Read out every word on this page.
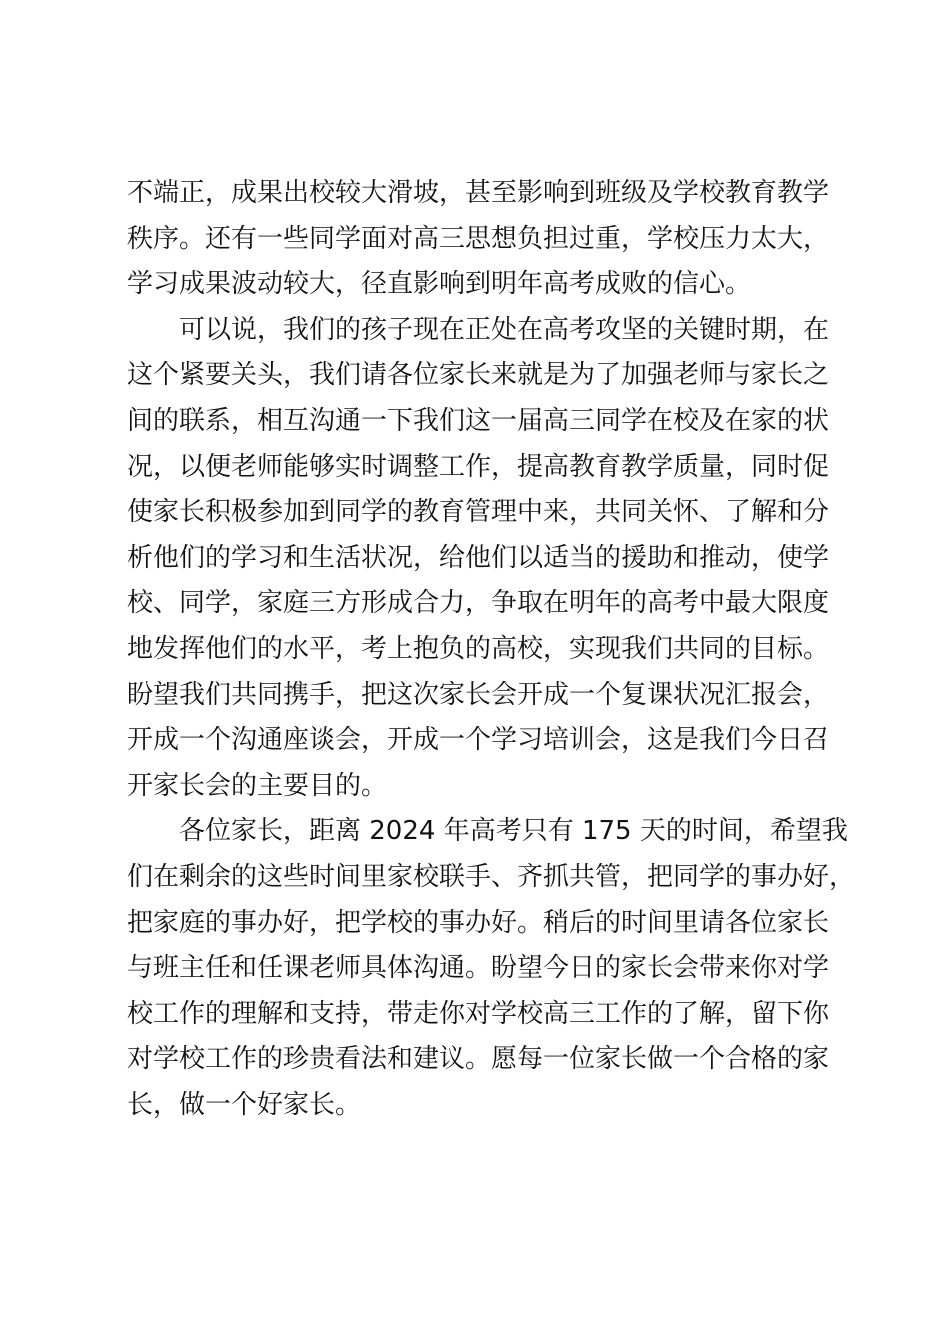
不端正，成果出校较大滑坡，甚至影响到班级及学校教育教学
秩序。还有一些同学面对高三思想负担过重，学校压力太大，
学习成果波动较大，径直影响到明年高考成败的信心。
可以说，我们的孩子现在正处在高考攻坚的关键时期，在
这个紧要关头，我们请各位家长来就是为了加强老师与家长之
间的联系，相互沟通一下我们这一届高三同学在校及在家的状
况，以便老师能够实时调整工作，提高教育教学质量，同时促
使家长积极参加到同学的教育管理中来，共同关怀、了解和分
析他们的学习和生活状况，给他们以适当的援助和推动，使学
校、同学，家庭三方形成合力，争取在明年的高考中最大限度
地发挥他们的水平，考上抱负的高校，实现我们共同的目标。
盼望我们共同携手，把这次家长会开成一个复课状况汇报会，
开成一个沟通座谈会，开成一个学习培训会，这是我们今日召
开家长会的主要目的。
各位家长，距离 2024 年高考只有 175 天的时间，希望我
们在剩余的这些时间里家校联手、齐抓共管，把同学的事办好，
把家庭的事办好，把学校的事办好。稍后的时间里请各位家长
与班主任和任课老师具体沟通。盼望今日的家长会带来你对学
校工作的理解和支持，带走你对学校高三工作的了解，留下你
对学校工作的珍贵看法和建议。愿每一位家长做一个合格的家
长，做一个好家长。
